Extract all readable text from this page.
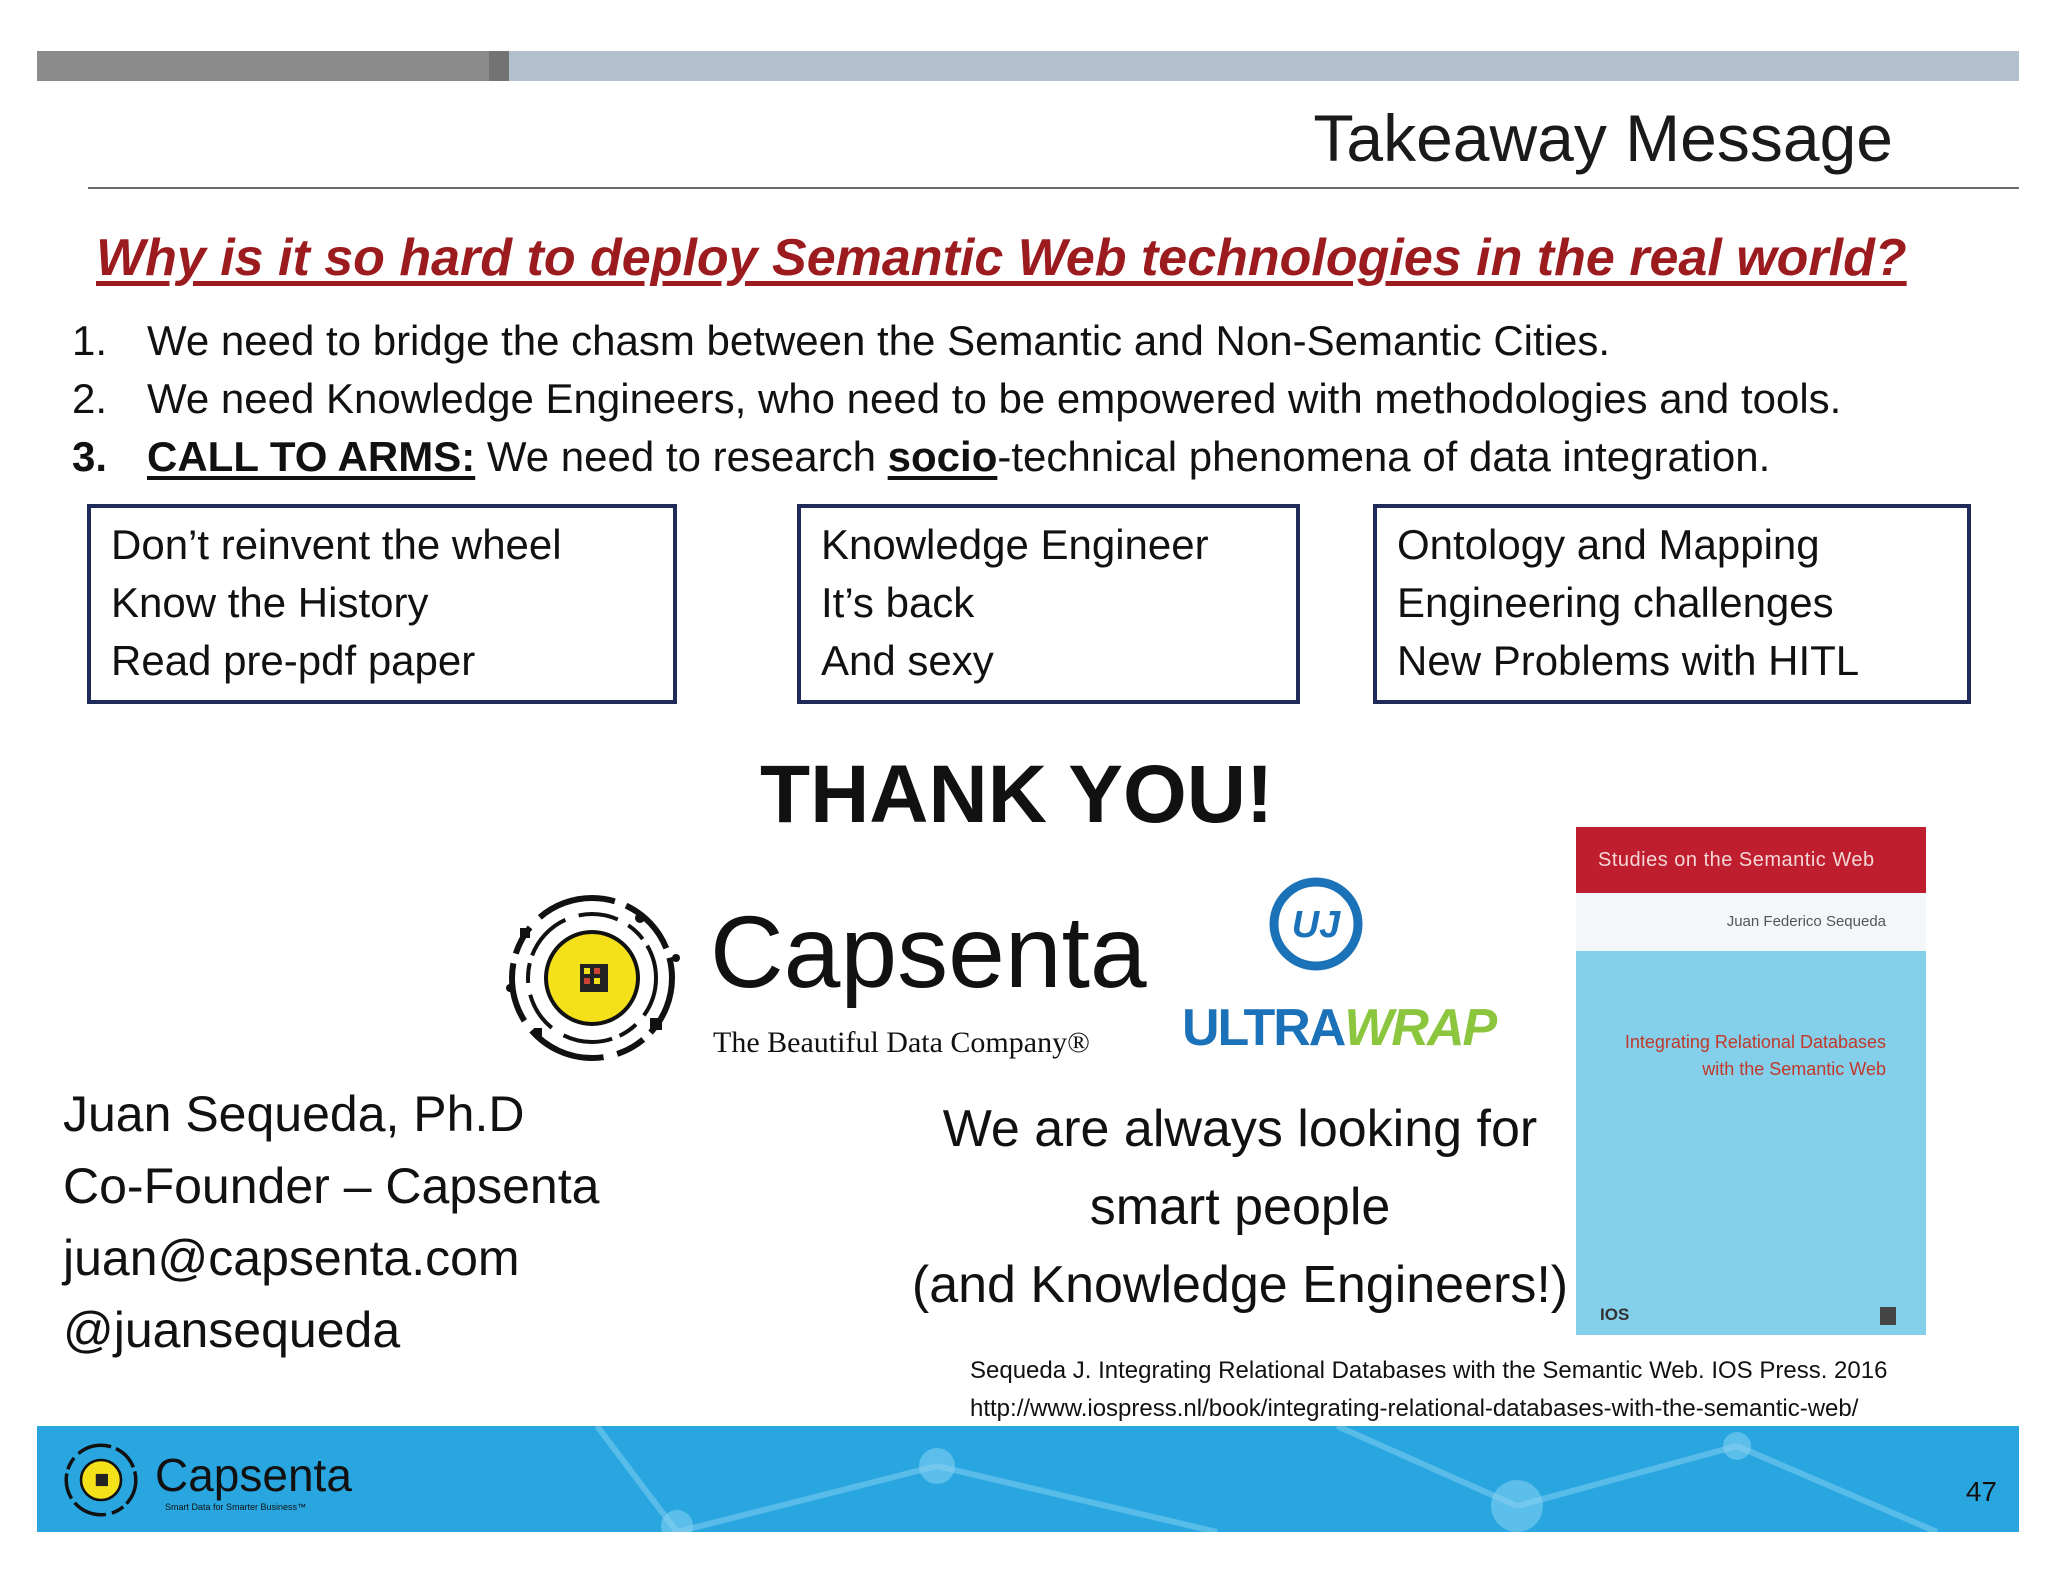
Takeaway Message
Why is it so hard to deploy Semantic Web technologies in the real world?
1. We need to bridge the chasm between the Semantic and Non-Semantic Cities.
2. We need Knowledge Engineers, who need to be empowered with methodologies and tools.
3. CALL TO ARMS: We need to research socio-technical phenomena of data integration.
Don’t reinvent the wheel
Know the History
Read pre-pdf paper
Knowledge Engineer
It’s back
And sexy
Ontology and Mapping
Engineering challenges
New Problems with HITL
THANK YOU!
Capsenta
The Beautiful Data Company®
UJ
ULTRAWRAP
Juan Sequeda, Ph.D
Co-Founder – Capsenta
juan@capsenta.com
@juansequeda
We are always looking for
smart people
(and Knowledge Engineers!)
Studies on the Semantic Web
Juan Federico Sequeda
Integrating Relational Databases
with the Semantic Web
IOS
Sequeda J. Integrating Relational Databases with the Semantic Web. IOS Press. 2016
http://www.iospress.nl/book/integrating-relational-databases-with-the-semantic-web/
Capsenta
Smart Data for Smarter Business™	47
